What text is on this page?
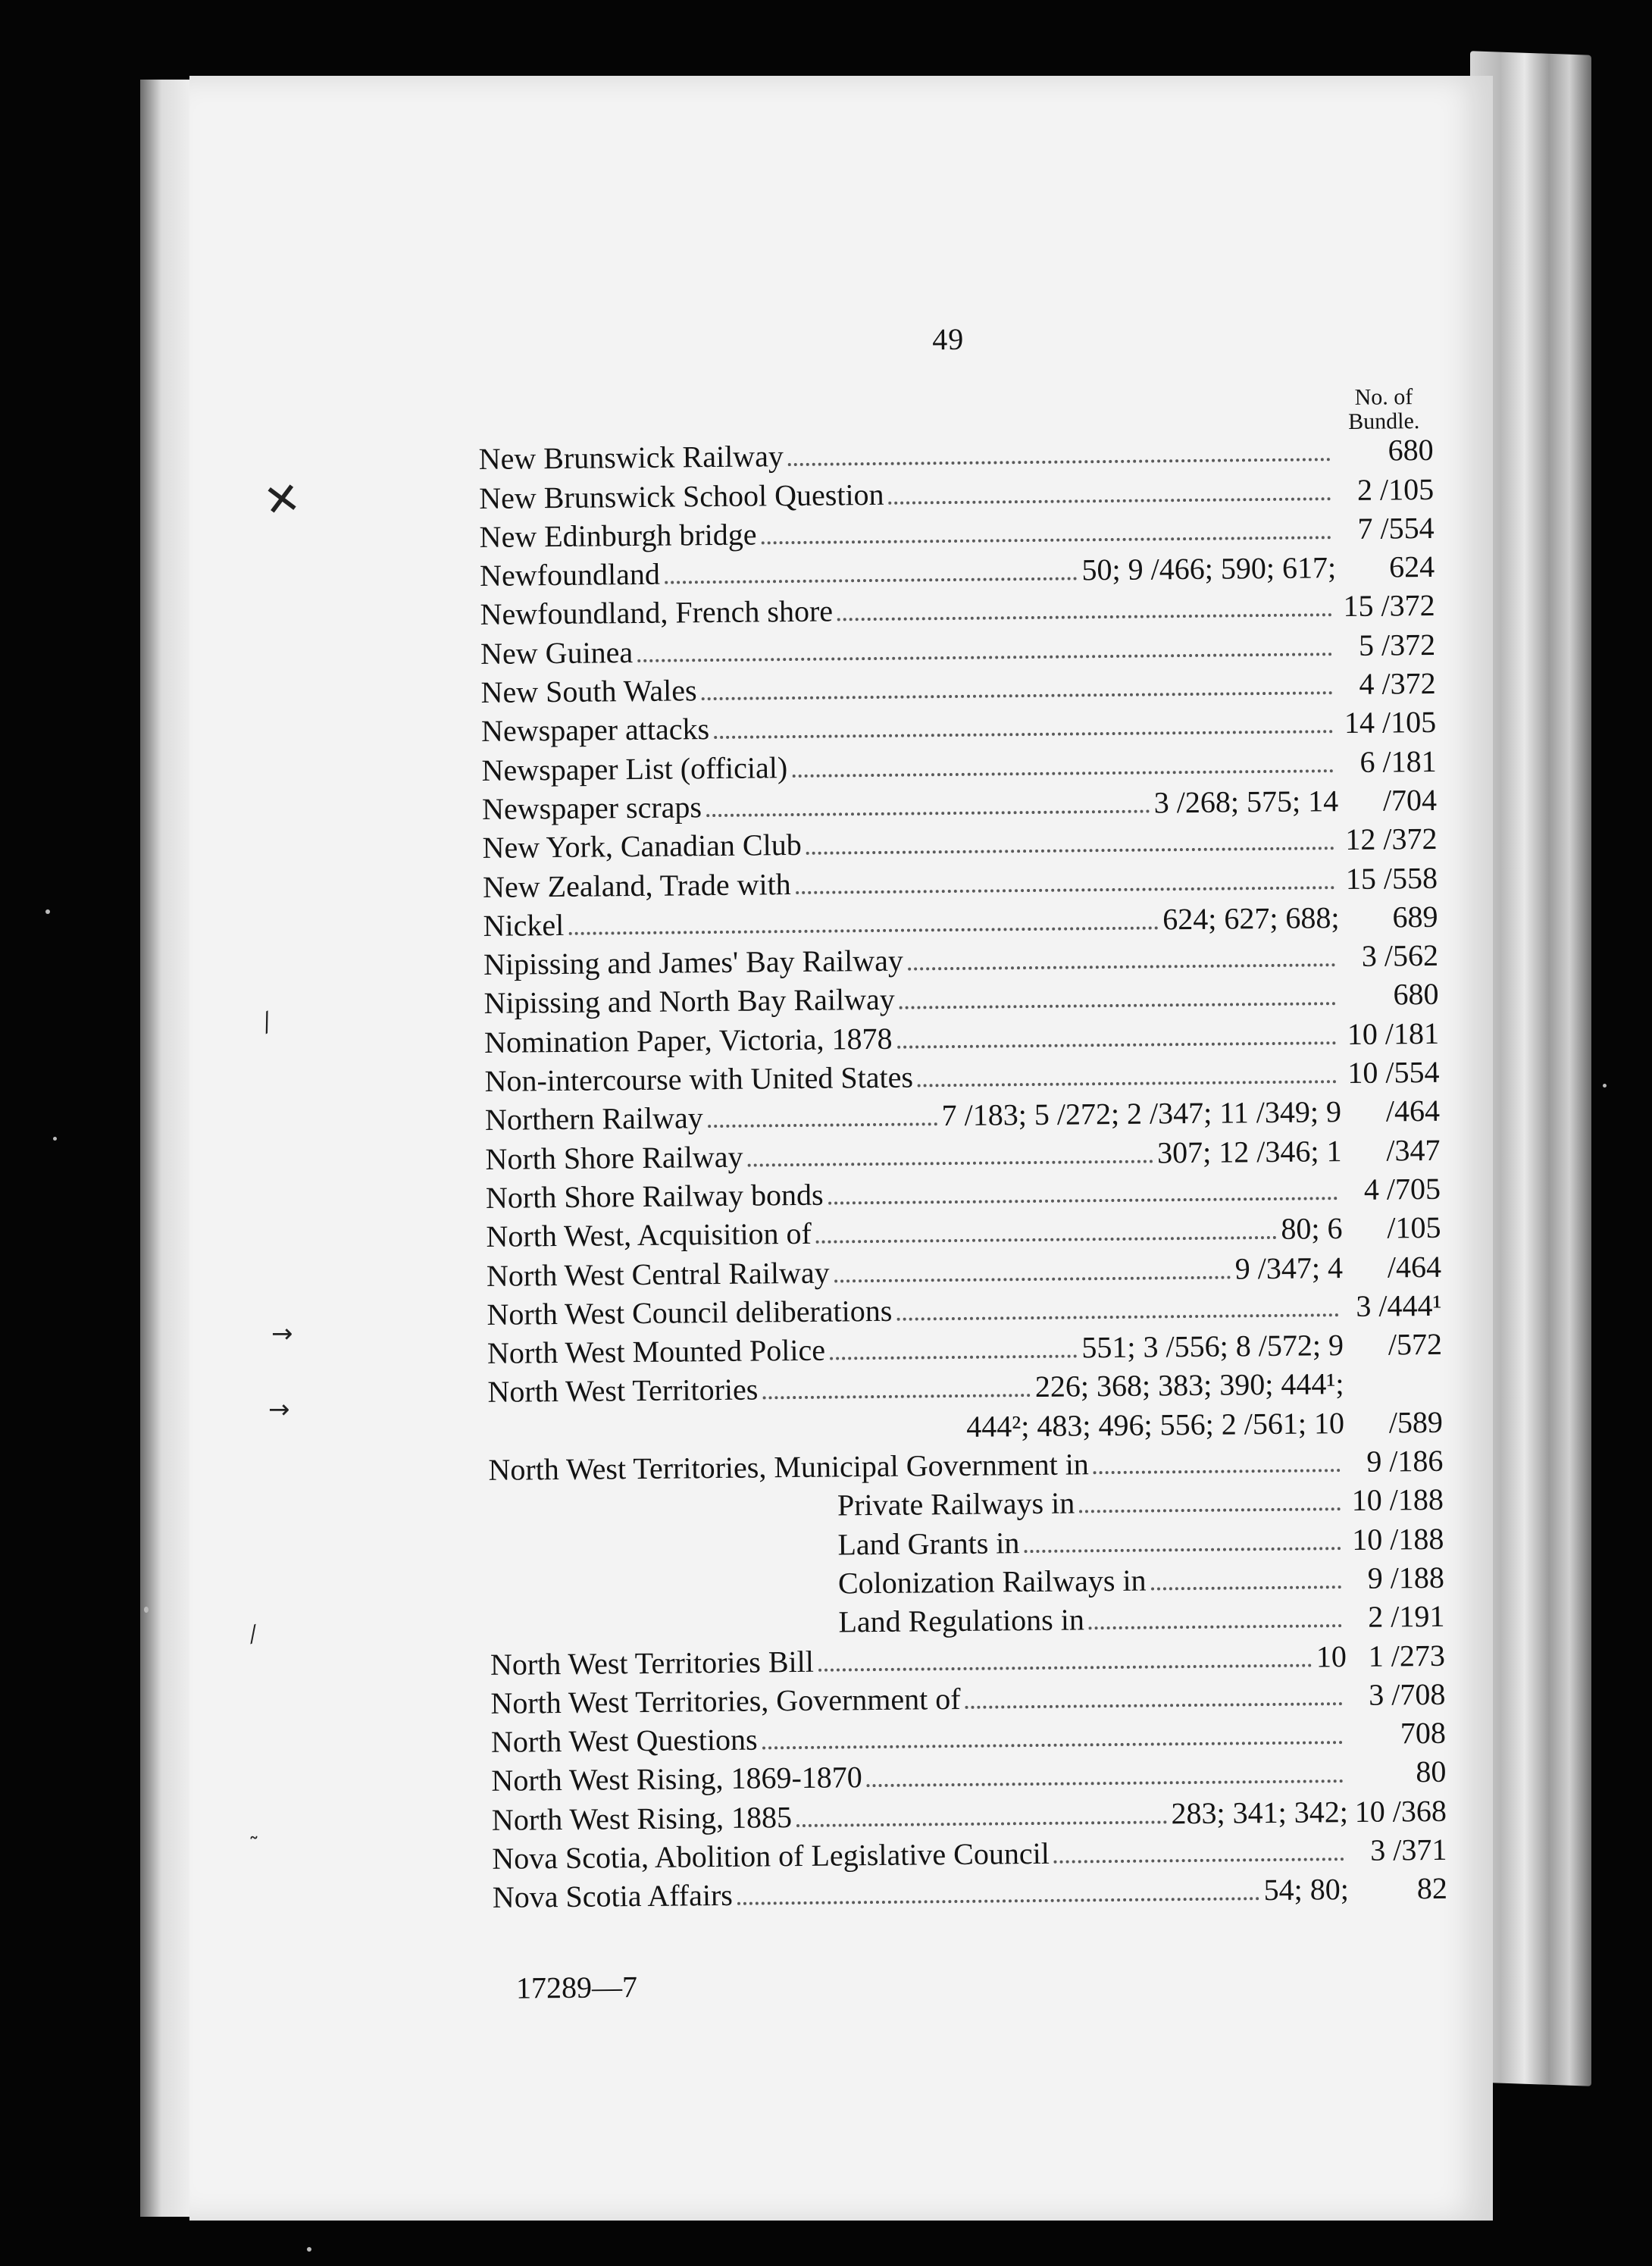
49
No. of
Bundle.
New Brunswick Railway	680
New Brunswick School Question	2 /105
New Edinburgh bridge	7 /554
Newfoundland	50; 9 /466; 590; 617;	624
Newfoundland, French shore	15 /372
New Guinea	5 /372
New South Wales	4 /372
Newspaper attacks	14 /105
Newspaper List (official)	6 /181
Newspaper scraps	3 /268; 575; 14	/704
New York, Canadian Club	12 /372
New Zealand, Trade with	15 /558
Nickel	624; 627; 688;	689
Nipissing and James' Bay Railway	3 /562
Nipissing and North Bay Railway	680
Nomination Paper, Victoria, 1878	10 /181
Non-intercourse with United States	10 /554
Northern Railway	7 /183; 5 /272; 2 /347; 11 /349; 9	/464
North Shore Railway	307; 12 /346; 1	/347
North Shore Railway bonds	4 /705
North West, Acquisition of	80; 6	/105
North West Central Railway	9 /347; 4	/464
North West Council deliberations	3 /444¹
North West Mounted Police	551; 3 /556; 8 /572; 9	/572
North West Territories	226; 368; 383; 390; 444¹;
444²; 483; 496; 556; 2 /561; 10	/589
North West Territories, Municipal Government in	9 /186
Private Railways in	10 /188
Land Grants in	10 /188
Colonization Railways in	9 /188
Land Regulations in	2 /191
North West Territories Bill	10 1 /273
North West Territories, Government of	3 /708
North West Questions	708
North West Rising, 1869-1870	80
North West Rising, 1885	283; 341; 342; 10 /368
Nova Scotia, Abolition of Legislative Council	3 /371
Nova Scotia Affairs	54; 80;	82
17289—7
✕
⁄
→
→
⁄
˷
